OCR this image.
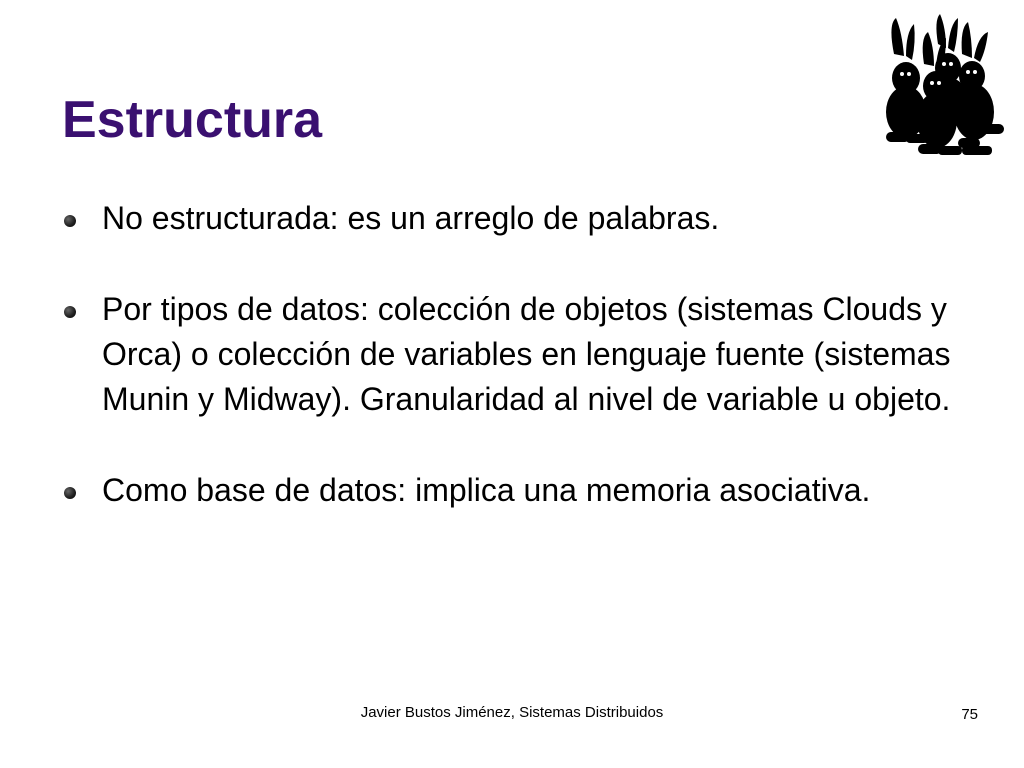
Estructura
No estructurada: es un arreglo de palabras.
Por tipos de datos: colección de objetos (sistemas Clouds y Orca) o colección de variables en lenguaje fuente (sistemas Munin y Midway). Granularidad al nivel de variable u objeto.
Como base de datos: implica una memoria asociativa.
Javier Bustos Jiménez, Sistemas Distribuidos	75
